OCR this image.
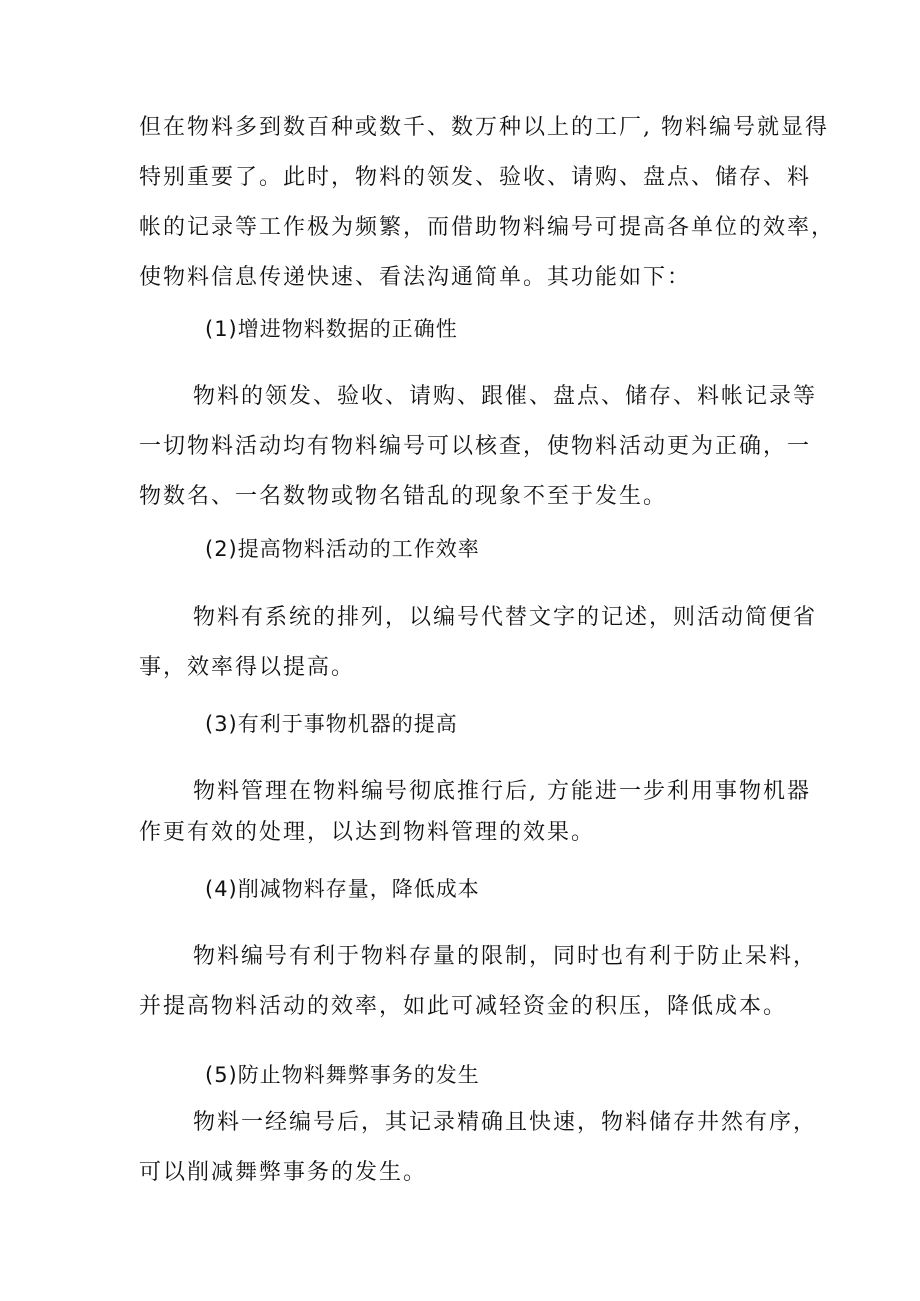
但在物料多到数百种或数千、数万种以上的工厂, 物料编号就显得
特别重要了。此时，物料的领发、验收、请购、盘点、储存、料
帐的记录等工作极为频繁，而借助物料编号可提高各单位的效率，
使物料信息传递快速、看法沟通简单。其功能如下：
(1)增进物料数据的正确性
物料的领发、验收、请购、跟催、盘点、储存、料帐记录等
一切物料活动均有物料编号可以核查，使物料活动更为正确，一
物数名、一名数物或物名错乱的现象不至于发生。
(2)提高物料活动的工作效率
物料有系统的排列，以编号代替文字的记述，则活动简便省
事，效率得以提高。
(3)有利于事物机器的提高
物料管理在物料编号彻底推行后, 方能进一步利用事物机器
作更有效的处理，以达到物料管理的效果。
(4)削减物料存量，降低成本
物料编号有利于物料存量的限制，同时也有利于防止呆料，
并提高物料活动的效率，如此可减轻资金的积压，降低成本。
(5)防止物料舞弊事务的发生
物料一经编号后，其记录精确且快速，物料储存井然有序，
可以削减舞弊事务的发生。
